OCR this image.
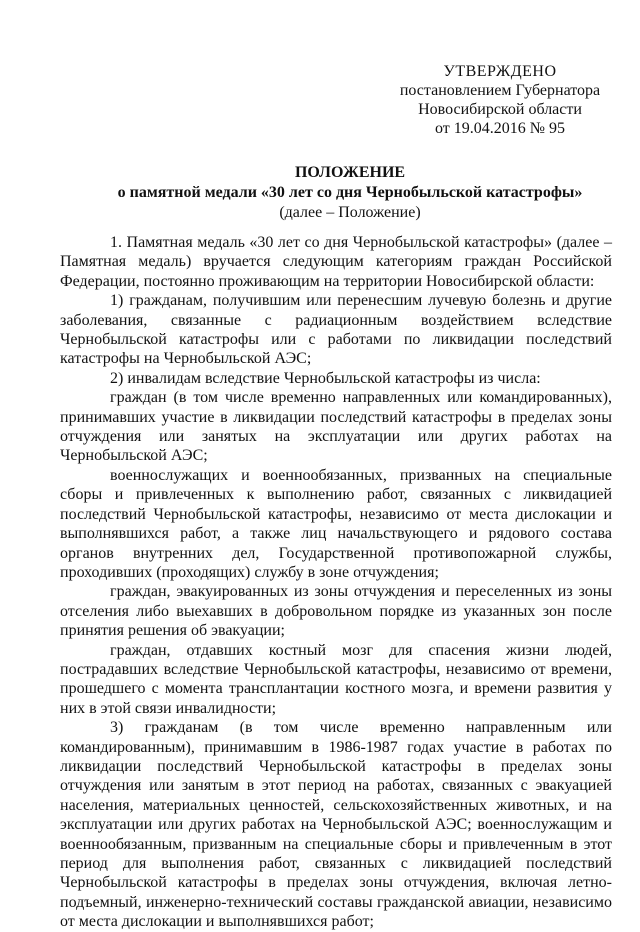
УТВЕРЖДЕНО
постановлением Губернатора
Новосибирской области
от 19.04.2016 № 95
ПОЛОЖЕНИЕ
о памятной медали «30 лет со дня Чернобыльской катастрофы»
(далее – Положение)

1. Памятная медаль «30 лет со дня Чернобыльской катастрофы» (далее – Памятная медаль) вручается следующим категориям граждан Российской Федерации, постоянно проживающим на территории Новосибирской области:

1) гражданам, получившим или перенесшим лучевую болезнь и другие заболевания, связанные с радиационным воздействием вследствие Чернобыльской катастрофы или с работами по ликвидации последствий катастрофы на Чернобыльской АЭС;

2) инвалидам вследствие Чернобыльской катастрофы из числа:

граждан (в том числе временно направленных или командированных), принимавших участие в ликвидации последствий катастрофы в пределах зоны отчуждения или занятых на эксплуатации или других работах на Чернобыльской АЭС;

военнослужащих и военнообязанных, призванных на специальные сборы и привлеченных к выполнению работ, связанных с ликвидацией последствий Чернобыльской катастрофы, независимо от места дислокации и выполнявшихся работ, а также лиц начальствующего и рядового состава органов внутренних дел, Государственной противопожарной службы, проходивших (проходящих) службу в зоне отчуждения;

граждан, эвакуированных из зоны отчуждения и переселенных из зоны отселения либо выехавших в добровольном порядке из указанных зон после принятия решения об эвакуации;

граждан, отдавших костный мозг для спасения жизни людей, пострадавших вследствие Чернобыльской катастрофы, независимо от времени, прошедшего с момента трансплантации костного мозга, и времени развития у них в этой связи инвалидности;

3) гражданам (в том числе временно направленным или командированным), принимавшим в 1986-1987 годах участие в работах по ликвидации последствий Чернобыльской катастрофы в пределах зоны отчуждения или занятым в этот период на работах, связанных с эвакуацией населения, материальных ценностей, сельскохозяйственных животных, и на эксплуатации или других работах на Чернобыльской АЭС; военнослужащим и военнообязанным, призванным на специальные сборы и привлеченным в этот период для выполнения работ, связанных с ликвидацией последствий Чернобыльской катастрофы в пределах зоны отчуждения, включая летно-подъемный, инженерно-технический составы гражданской авиации, независимо от места дислокации и выполнявшихся работ;
